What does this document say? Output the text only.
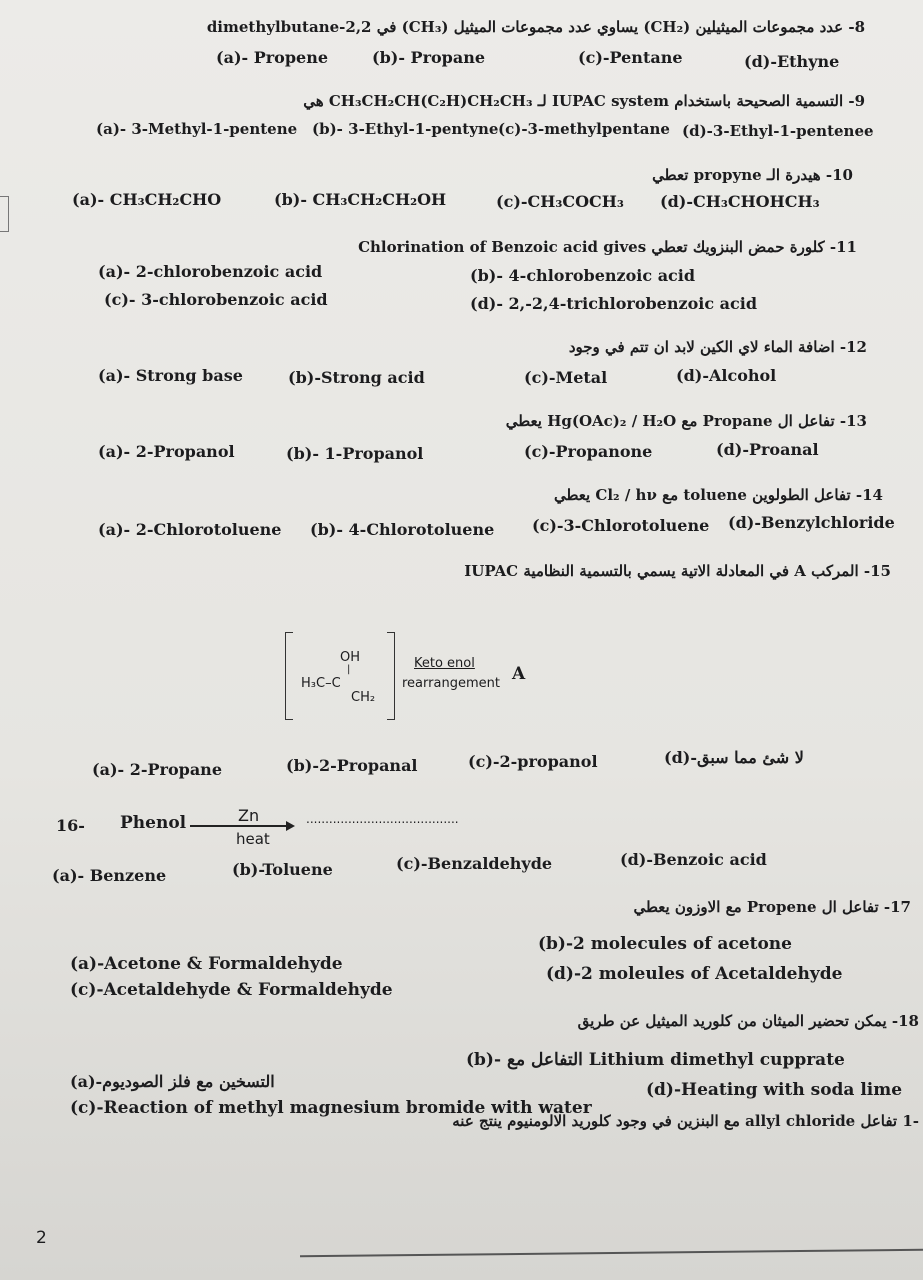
8- عدد مجموعات الميثيلين (CH₂) يساوي عدد مجموعات الميثيل (CH₃) في 2,2-dimethylbutane
(a)- Propene	(b)- Propane	(c)-Pentane	(d)-Ethyne
9- التسمية الصحيحة باستخدام IUPAC system لـ CH₃CH₂CH(C₂H)CH₂CH₃ هي
(a)- 3-Methyl-1-pentene (b)- 3-Ethyl-1-pentyne (c)-3-methylpentane (d)-3-Ethyl-1-pentenee
10- هيدرة الـ propyne تعطي
(a)- CH₃CH₂CHO	(b)- CH₃CH₂CH₂OH	(c)-CH₃COCH₃ (d)-CH₃CHOHCH₃
11- كلورة حمض البنزويك تعطي Chlorination of Benzoic acid gives
(a)- 2-chlorobenzoic acid	(b)- 4-chlorobenzoic acid
(c)- 3-chlorobenzoic acid	(d)- 2,-2,4-trichlorobenzoic acid
12- اضافة الماء لاي الكين لابد ان تتم في وجود
(a)- Strong base	(b)-Strong acid	(c)-Metal	(d)-Alcohol
13- تفاعل ال Propane مع Hg(OAc)₂ / H₂O يعطي
(a)- 2-Propanol	(b)- 1-Propanol	(c)-Propanone	(d)-Proanal
14- تفاعل الطولوين toluene مع Cl₂ / hν يعطي
(a)- 2-Chlorotoluene (b)- 4-Chlorotoluene (c)-3-Chlorotoluene (d)-Benzylchloride
15- المركب A في المعادلة الاتية يسمي بالتسمية النظامية IUPAC
OH
|
H₃C–C
CH₂
Keto enol
rearrangement A
(a)- 2-Propane	(b)-2-Propanal	(c)-2-propanol	(d)-لا شئ مما سبق
16- Phenol	Zn
heat
........................................
(a)- Benzene	(b)-Toluene	(c)-Benzaldehyde	(d)-Benzoic acid
17- تفاعل ال Propene مع الاوزون يعطي
(a)-Acetone & Formaldehyde
(b)-2 molecules of acetone
(c)-Acetaldehyde & Formaldehyde
(d)-2 moleules of Acetaldehyde
18- يمكن تحضير الميثان من كلوريد الميثيل عن طريق
(a)-التسخين مع فلز الصوديوم
(b)- التفاعل مع Lithium dimethyl cupprate
(c)-Reaction of methyl magnesium bromide with water
(d)-Heating with soda lime
-1 تفاعل allyl chloride مع البنزين في وجود كلوريد الالومنيوم ينتج عنه
2
